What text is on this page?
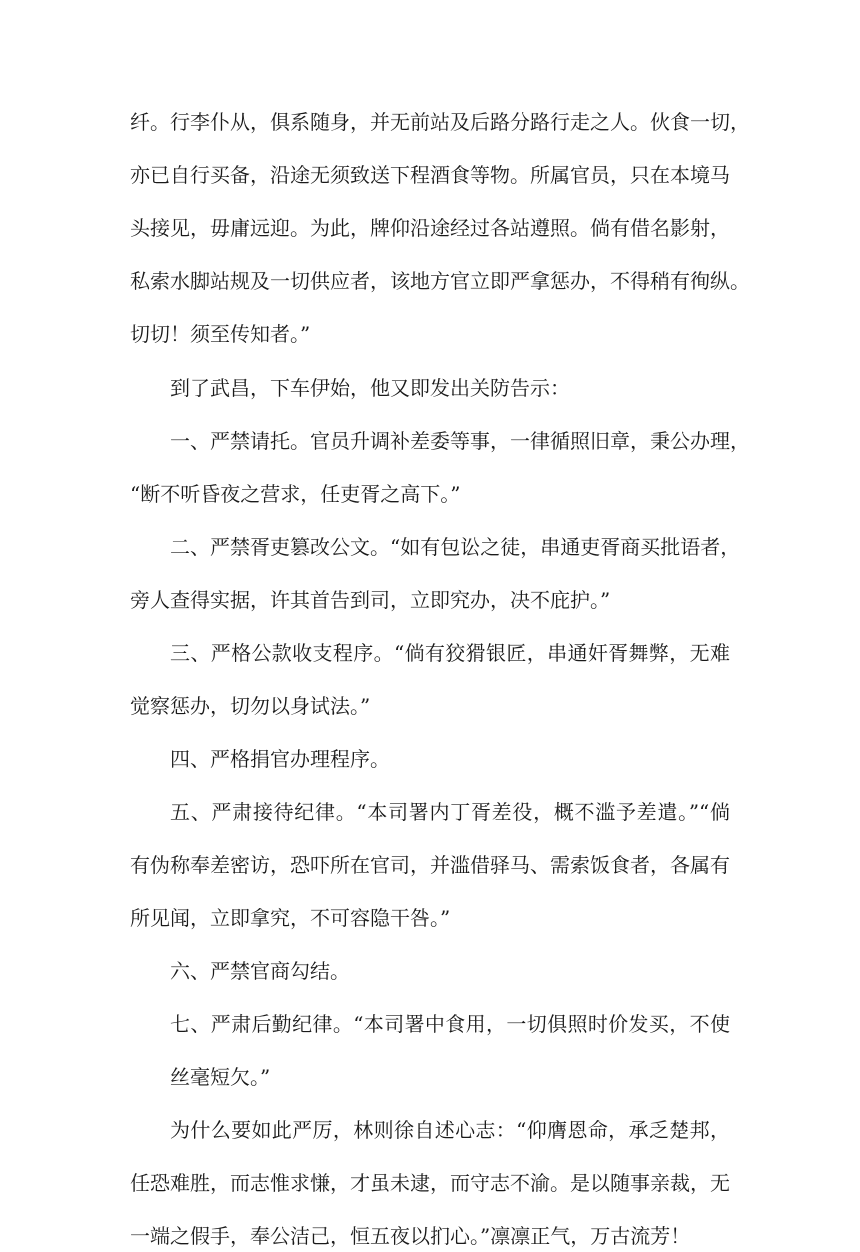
纤。行李仆从，俱系随身，并无前站及后路分路行走之人。伙食一切，
亦已自行买备，沿途无须致送下程酒食等物。所属官员，只在本境马
头接见，毋庸远迎。为此，牌仰沿途经过各站遵照。倘有借名影射，
私索水脚站规及一切供应者，该地方官立即严拿惩办，不得稍有徇纵。
切切！须至传知者。”
到了武昌，下车伊始，他又即发出关防告示：
一、严禁请托。官员升调补差委等事，一律循照旧章，秉公办理，
“断不听昏夜之营求，任吏胥之高下。”
二、严禁胥吏篡改公文。“如有包讼之徒，串通吏胥商买批语者，
旁人查得实据，许其首告到司，立即究办，决不庇护。”
三、严格公款收支程序。“倘有狡猾银匠，串通奸胥舞弊，无难
觉察惩办，切勿以身试法。”
四、严格捐官办理程序。
五、严肃接待纪律。“本司署内丁胥差役，概不滥予差遣。”“倘
有伪称奉差密访，恐吓所在官司，并滥借驿马、需索饭食者，各属有
所见闻，立即拿究，不可容隐干咎。”
六、严禁官商勾结。
七、严肃后勤纪律。“本司署中食用，一切俱照时价发买，不使
丝毫短欠。”
为什么要如此严厉，林则徐自述心志：“仰膺恩命，承乏楚邦，
任恐难胜，而志惟求慊，才虽未逮，而守志不渝。是以随事亲裁，无
一端之假手，奉公洁己，恒五夜以扪心。”凛凛正气，万古流芳！
